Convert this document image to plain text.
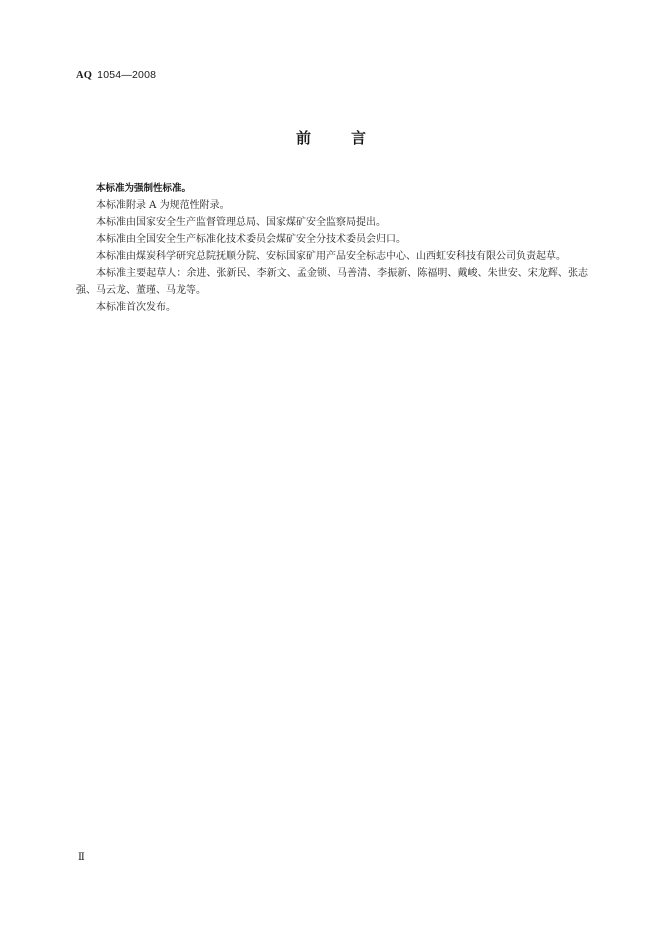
AQ 1054—2008
前	言

本标准为强制性标准。

本标准附录 A 为规范性附录。

本标准由国家安全生产监督管理总局、国家煤矿安全监察局提出。

本标准由全国安全生产标准化技术委员会煤矿安全分技术委员会归口。

本标准由煤炭科学研究总院抚顺分院、安标国家矿用产品安全标志中心、山西虹安科技有限公司负责起草。

本标准主要起草人：余进、张新民、李新文、孟金锁、马善清、李振新、陈福明、戴峻、朱世安、宋龙辉、张志强、马云龙、董瑾、马龙等。

本标准首次发布。

Ⅱ
